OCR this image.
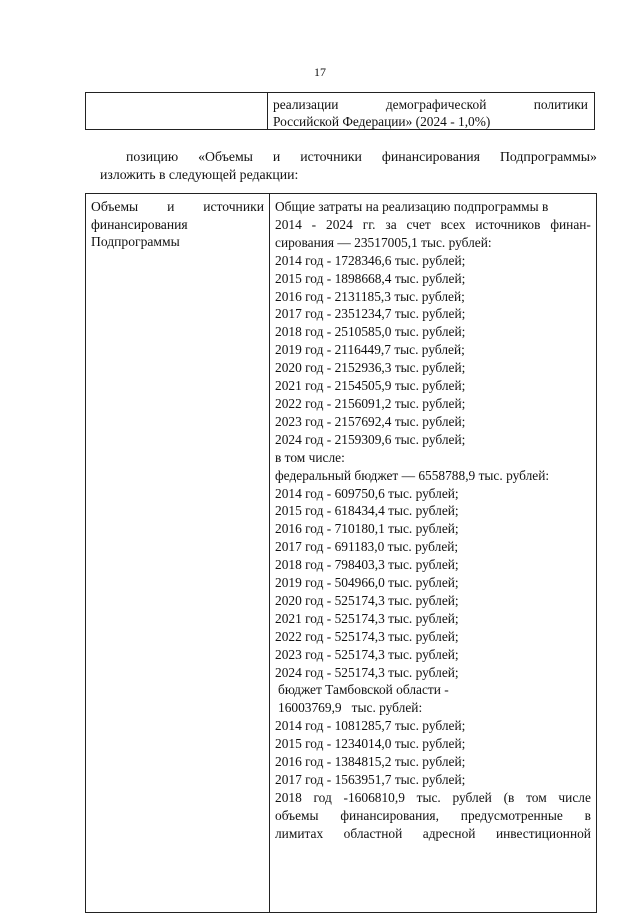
17
реализации	демографической	политики
Российской Федерации» (2024 - 1,0%)
позицию «Объемы и источники финансирования Подпрограммы»
изложить в следующей редакции:
Объемы и источники
финансирования
Подпрограммы
Общие затраты на реализацию подпрограммы в
2014 - 2024 гг. за счет всех источников финан-
сирования — 23517005,1 тыс. рублей:
2014 год - 1728346,6 тыс. рублей;
2015 год - 1898668,4 тыс. рублей;
2016 год - 2131185,3 тыс. рублей;
2017 год - 2351234,7 тыс. рублей;
2018 год - 2510585,0 тыс. рублей;
2019 год - 2116449,7 тыс. рублей;
2020 год - 2152936,3 тыс. рублей;
2021 год - 2154505,9 тыс. рублей;
2022 год - 2156091,2 тыс. рублей;
2023 год - 2157692,4 тыс. рублей;
2024 год - 2159309,6 тыс. рублей;
в том числе:
федеральный бюджет — 6558788,9 тыс. рублей:
2014 год - 609750,6 тыс. рублей;
2015 год - 618434,4 тыс. рублей;
2016 год - 710180,1 тыс. рублей;
2017 год - 691183,0 тыс. рублей;
2018 год - 798403,3 тыс. рублей;
2019 год - 504966,0 тыс. рублей;
2020 год - 525174,3 тыс. рублей;
2021 год - 525174,3 тыс. рублей;
2022 год - 525174,3 тыс. рублей;
2023 год - 525174,3 тыс. рублей;
2024 год - 525174,3 тыс. рублей;
бюджет Тамбовской области -
16003769,9   тыс. рублей:
2014 год - 1081285,7 тыс. рублей;
2015 год - 1234014,0 тыс. рублей;
2016 год - 1384815,2 тыс. рублей;
2017 год - 1563951,7 тыс. рублей;
2018 год -1606810,9 тыс. рублей (в том числе
объемы финансирования, предусмотренные в
лимитах областной адресной инвестиционной
